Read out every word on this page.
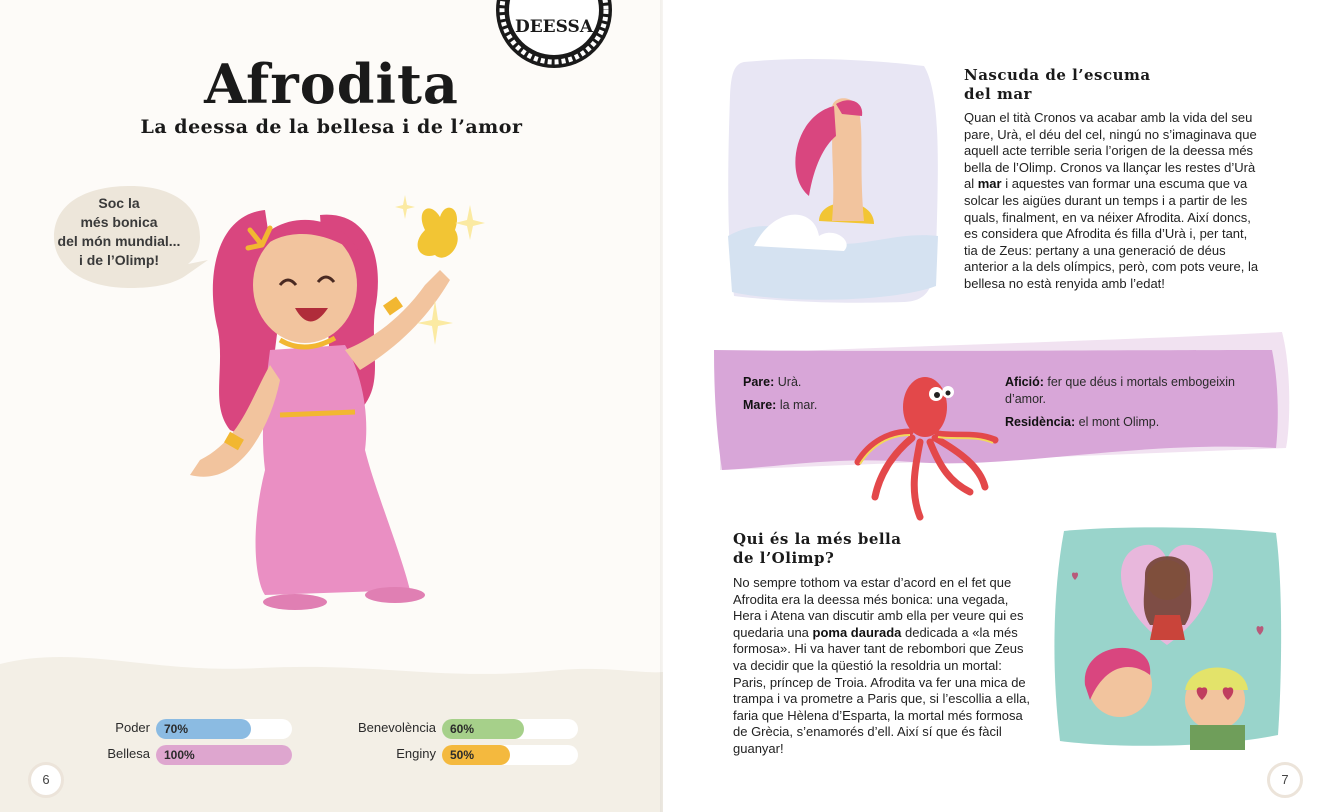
DEESSA
Afrodita
La deessa de la bellesa i de l’amor
Soc la
més bonica
del món mundial...
i de l’Olimp!
Poder 70%
Bellesa 100%
Benevolència 60%
Enginy 50%
6
Nascuda de l’escuma
del mar

Quan el tità Cronos va acabar amb la vida del seu pare, Urà, el déu del cel, ningú no s’imaginava que aquell acte terrible seria l’origen de la deessa més bella de l’Olimp. Cronos va llançar les restes d’Urà al mar i aquestes van formar una escuma que va solcar les aigües durant un temps i a partir de les quals, finalment, en va néixer Afrodita. Així doncs, es considera que Afrodita és filla d’Urà i, per tant, tia de Zeus: pertany a una generació de déus anterior a la dels olímpics, però, com pots veure, la bellesa no està renyida amb l’edat!

Pare: Urà.
Mare: la mar.
Afició: fer que déus i mortals embogeixin d’amor.
Residència: el mont Olimp.
Qui és la més bella
de l’Olimp?

No sempre tothom va estar d’acord en el fet que Afrodita era la deessa més bonica: una vegada, Hera i Atena van discutir amb ella per veure qui es quedaria una poma daurada dedicada a «la més formosa». Hi va haver tant de rebombori que Zeus va decidir que la qüestió la resoldria un mortal: Paris, príncep de Troia. Afrodita va fer una mica de trampa i va prometre a Paris que, si l’escollia a ella, faria que Hèlena d’Esparta, la mortal més formosa de Grècia, s’enamorés d’ell. Així sí que és fàcil guanyar!

7
